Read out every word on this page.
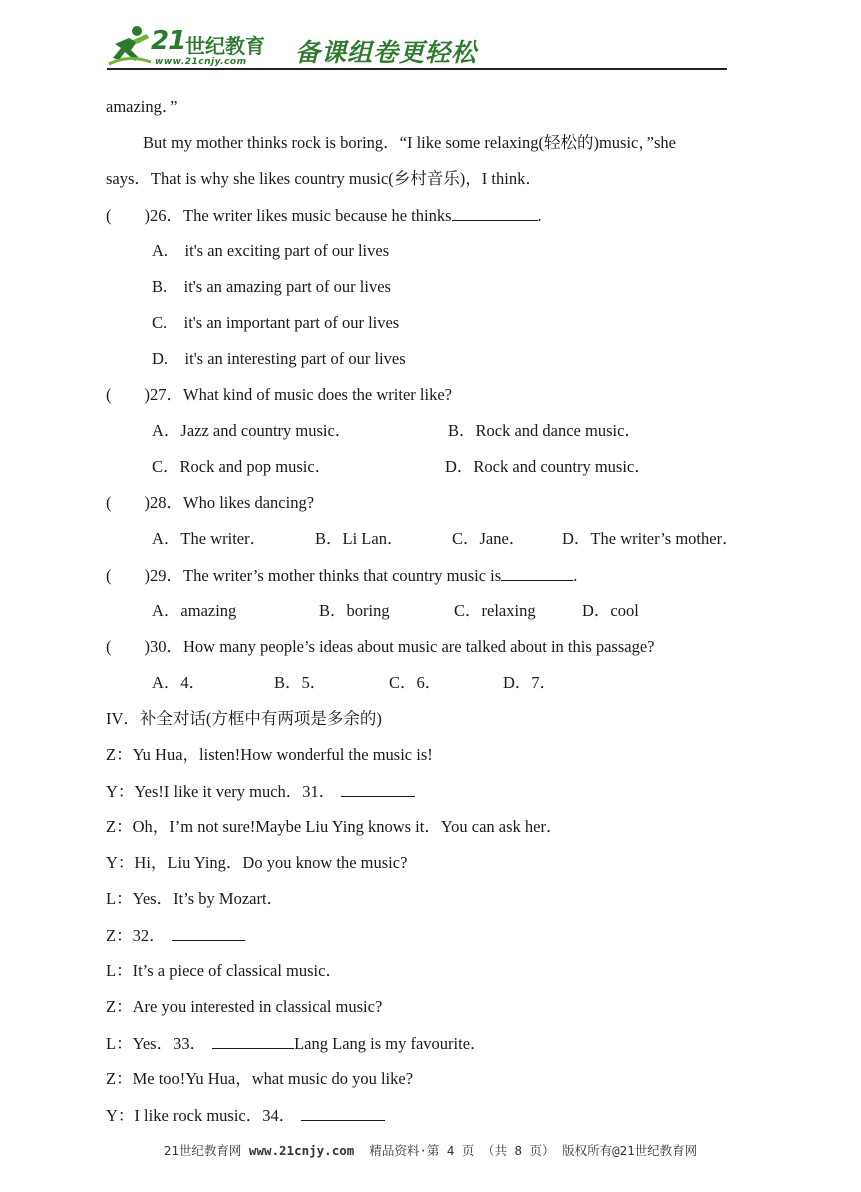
21 世纪教育
www.21cnjy.com 备课组卷更轻松
amazing．”
But my mother thinks rock is boring．“I like some relaxing(轻松的)music，”she
says．That is why she likes country music(乡村音乐)，I think．
(        )26．The writer likes music because he thinks	.
A.    it's an exciting part of our lives
B.    it's an amazing part of our lives
C.    it's an important part of our lives
D.    it's an interesting part of our lives
(        )27．What kind of music does the writer like?
A．Jazz and country music．	B．Rock and dance music．
C．Rock and pop music．	D．Rock and country music．
(        )28．Who likes dancing?
A．The writer．	B．Li Lan．	C．Jane． D．The writer’s mother．
(        )29．The writer’s mother thinks that country music is	.
A．amazing	B．boring	C．relaxing	D．cool
(        )30．How many people’s ideas about music are talked about in this passage?
A．4．	B．5．	C．6．	D．7．
IV．补全对话(方框中有两项是多余的)
Z：Yu Hua，listen!How wonderful the music is!
Y：Yes!I like it very much．31．
Z：Oh，I’m not sure!Maybe Liu Ying knows it．You can ask her．
Y：Hi，Liu Ying．Do you know the music?
L：Yes．It’s by Mozart．
Z：32．
L：It’s a piece of classical music．
Z：Are you interested in classical music?
L：Yes．33．	Lang Lang is my favourite．
Z：Me too!Yu Hua，what music do you like?
Y：I like rock music．34．
21世纪教育网 www.21cnjy.com  精品资料·第 4 页 （共 8 页） 版权所有@21世纪教育网
